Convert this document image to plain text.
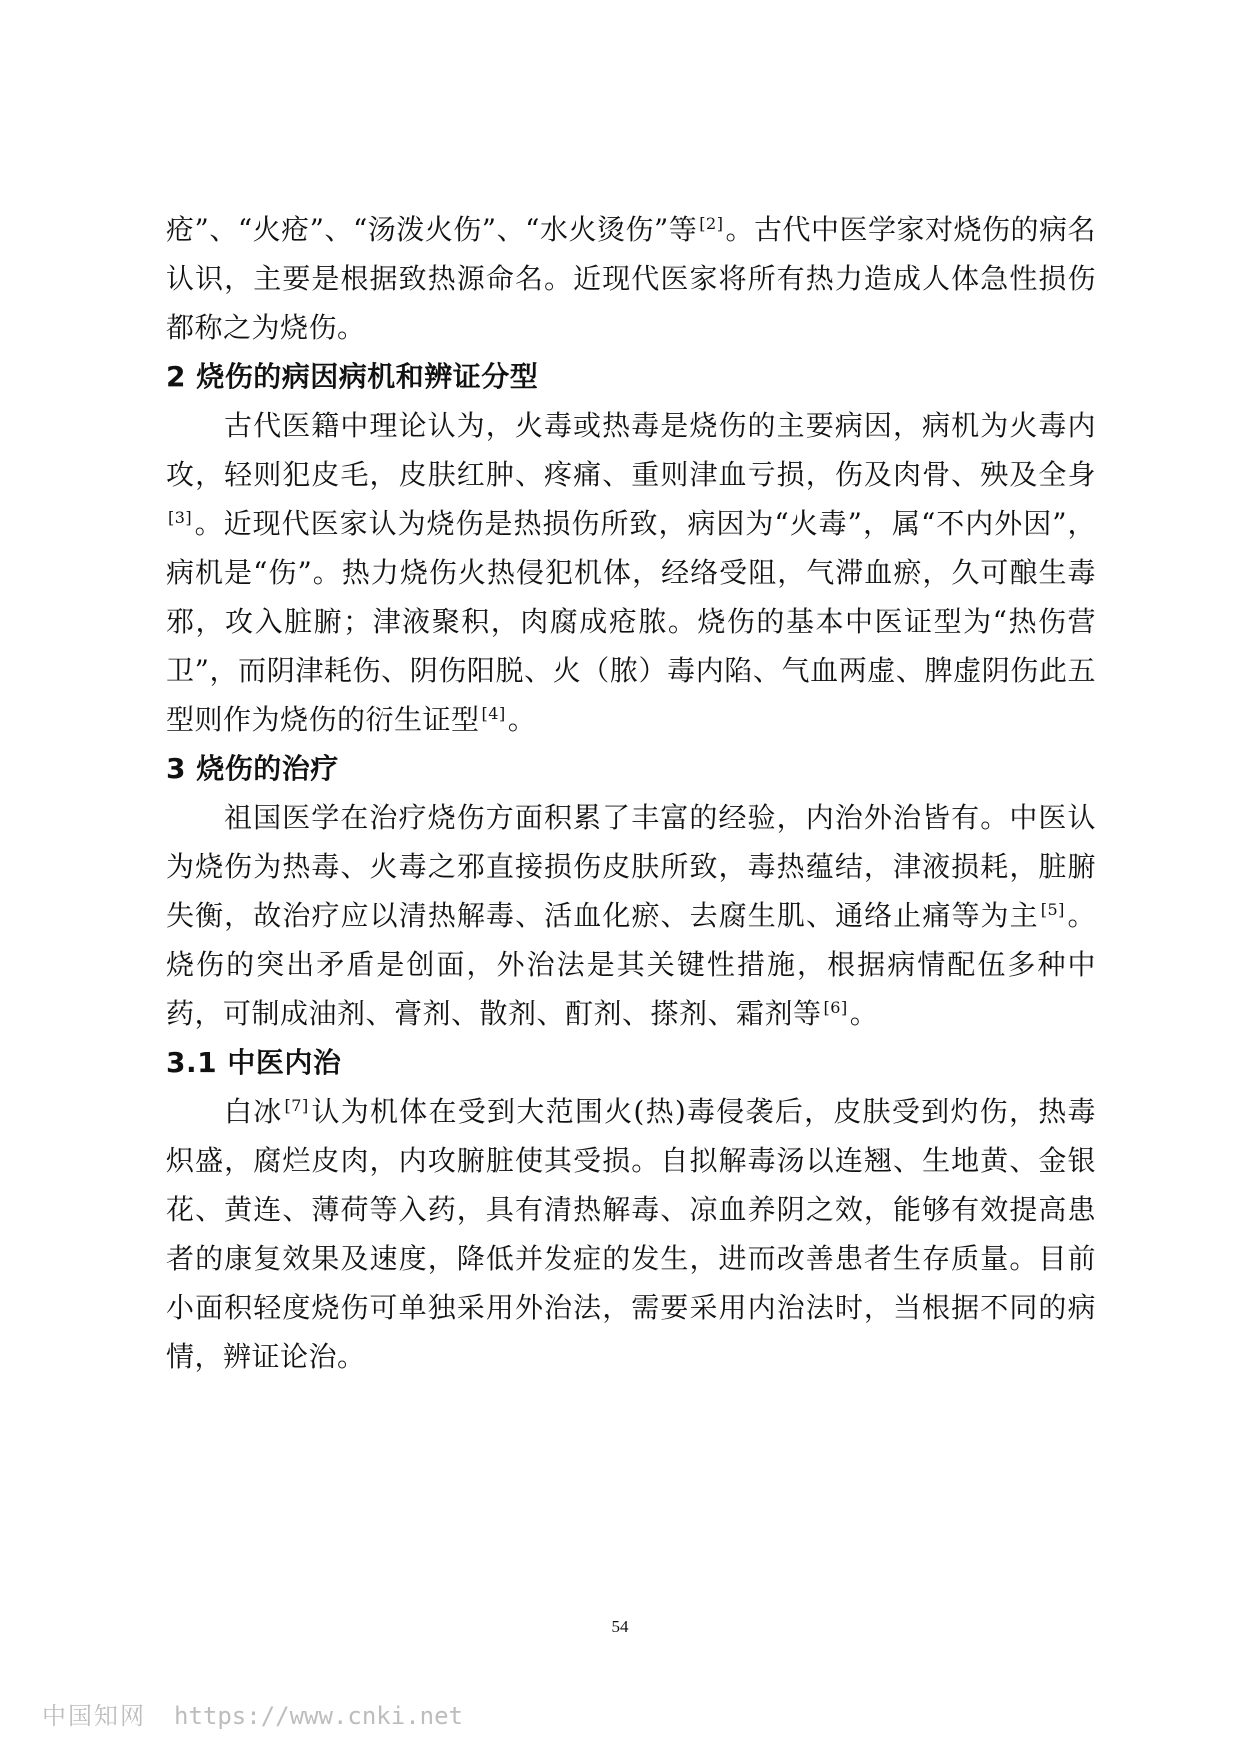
疮”、“火疮”、“汤泼火伤”、“水火烫伤”等 [2]。古代中医学家对烧伤的病名认识，主要是根据致热源命名。近现代医家将所有热力造成人体急性损伤都称之为烧伤。

2 烧伤的病因病机和辨证分型

古代医籍中理论认为，火毒或热毒是烧伤的主要病因，病机为火毒内攻，轻则犯皮毛，皮肤红肿、疼痛、重则津血亏损，伤及肉骨、殃及全身[3]。近现代医家认为烧伤是热损伤所致，病因为“火毒”，属“不内外因”，病机是“伤”。热力烧伤火热侵犯机体，经络受阻，气滞血瘀，久可酿生毒邪，攻入脏腑；津液聚积，肉腐成疮脓。烧伤的基本中医证型为“热伤营卫”，而阴津耗伤、阴伤阳脱、火（脓）毒内陷、气血两虚、脾虚阴伤此五型则作为烧伤的衍生证型 [4]。

3 烧伤的治疗

祖国医学在治疗烧伤方面积累了丰富的经验，内治外治皆有。中医认为烧伤为热毒、火毒之邪直接损伤皮肤所致，毒热蕴结，津液损耗，脏腑失衡，故治疗应以清热解毒、活血化瘀、去腐生肌、通络止痛等为主 [5]。烧伤的突出矛盾是创面，外治法是其关键性措施，根据病情配伍多种中药，可制成油剂、膏剂、散剂、酊剂、搽剂、霜剂等 [6]。

3.1 中医内治

白冰 [7]认为机体在受到大范围火(热)毒侵袭后，皮肤受到灼伤，热毒炽盛，腐烂皮肉，内攻腑脏使其受损。自拟解毒汤以连翘、生地黄、金银花、黄连、薄荷等入药，具有清热解毒、凉血养阴之效，能够有效提高患者的康复效果及速度，降低并发症的发生，进而改善患者生存质量。目前小面积轻度烧伤可单独采用外治法，需要采用内治法时，当根据不同的病情，辨证论治。

54
中国知网 https://www.cnki.net
